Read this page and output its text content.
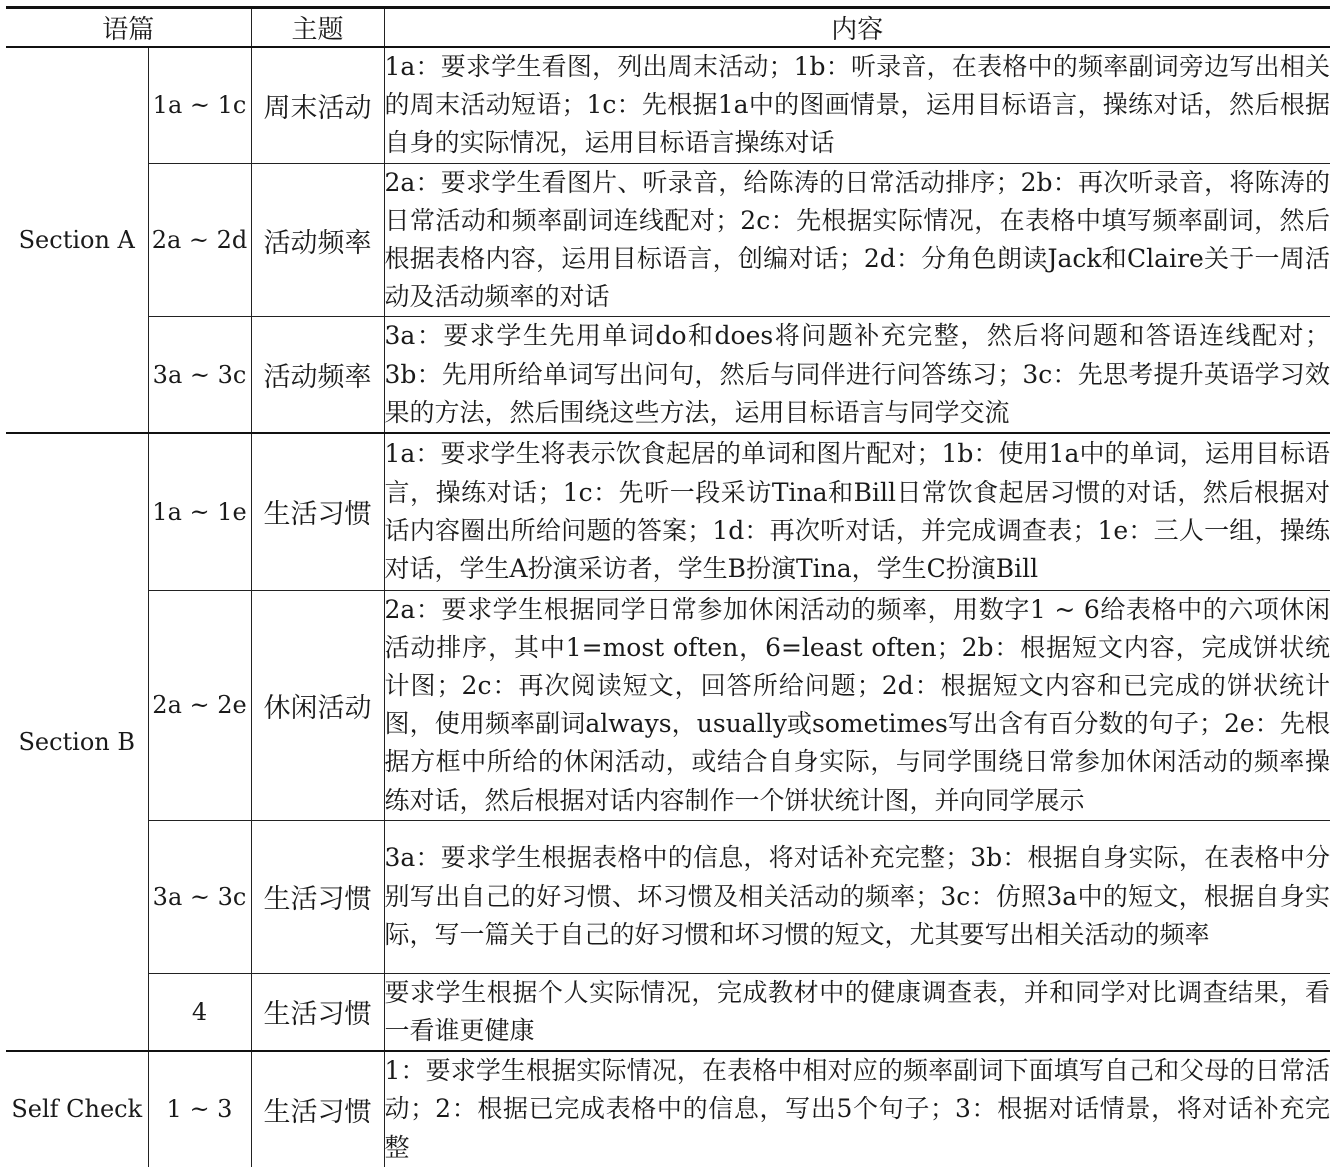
语篇		主题	内容
Section A	1a ~ 1c	周末活动	1a：要求学生看图，列出周末活动；1b：听录音，在表格中的频率副词旁边写出相关的周末活动短语；1c：先根据1a中的图画情景，运用目标语言，操练对话，然后根据自身的实际情况，运用目标语言操练对话
	2a ~ 2d	活动频率	2a：要求学生看图片、听录音，给陈涛的日常活动排序；2b：再次听录音，将陈涛的日常活动和频率副词连线配对；2c：先根据实际情况，在表格中填写频率副词，然后根据表格内容，运用目标语言，创编对话；2d：分角色朗读Jack和Claire关于一周活动及活动频率的对话
	3a ~ 3c	活动频率	3a：要求学生先用单词do和does将问题补充完整，然后将问题和答语连线配对；3b：先用所给单词写出问句，然后与同伴进行问答练习；3c：先思考提升英语学习效果的方法，然后围绕这些方法，运用目标语言与同学交流
Section B	1a ~ 1e	生活习惯	1a：要求学生将表示饮食起居的单词和图片配对；1b：使用1a中的单词，运用目标语言，操练对话；1c：先听一段采访Tina和Bill日常饮食起居习惯的对话，然后根据对话内容圈出所给问题的答案；1d：再次听对话，并完成调查表；1e：三人一组，操练对话，学生A扮演采访者，学生B扮演Tina，学生C扮演Bill
	2a ~ 2e	休闲活动	2a：要求学生根据同学日常参加休闲活动的频率，用数字1 ~ 6给表格中的六项休闲活动排序，其中1=most often，6=least often；2b：根据短文内容，完成饼状统计图；2c：再次阅读短文，回答所给问题；2d：根据短文内容和已完成的饼状统计图，使用频率副词always，usually或sometimes写出含有百分数的句子；2e：先根据方框中所给的休闲活动，或结合自身实际，与同学围绕日常参加休闲活动的频率操练对话，然后根据对话内容制作一个饼状统计图，并向同学展示
	3a ~ 3c	生活习惯	3a：要求学生根据表格中的信息，将对话补充完整；3b：根据自身实际，在表格中分别写出自己的好习惯、坏习惯及相关活动的频率；3c：仿照3a中的短文，根据自身实际，写一篇关于自己的好习惯和坏习惯的短文，尤其要写出相关活动的频率
	4	生活习惯	要求学生根据个人实际情况，完成教材中的健康调查表，并和同学对比调查结果，看一看谁更健康
Self Check	1 ~ 3	生活习惯	1：要求学生根据实际情况，在表格中相对应的频率副词下面填写自己和父母的日常活动；2：根据已完成表格中的信息，写出5个句子；3：根据对话情景，将对话补充完整
